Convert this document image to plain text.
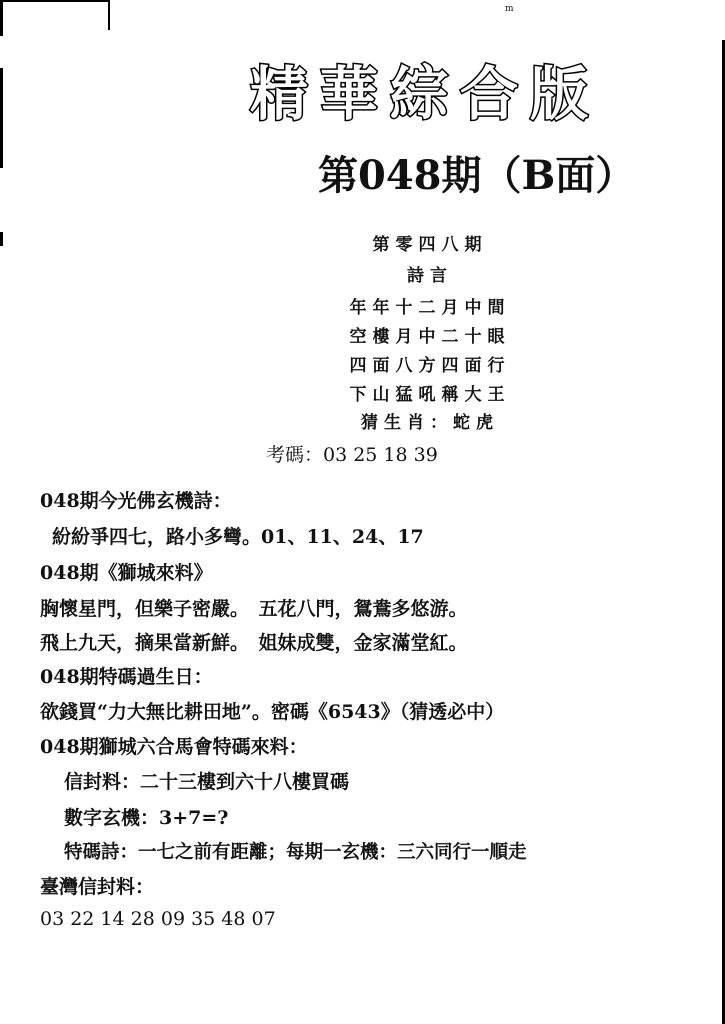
m
精華綜合版
第048期（B面）
第零四八期
詩言
年年十二月中間
空樓月中二十眼
四面八方四面行
下山猛吼稱大王
猜生肖：蛇虎
考碼：03 25 18 39
048期今光佛玄機詩：
紛紛爭四七，路小多彎。01、11、24、17
048期《獅城來料》
胸懷星門，但樂子密嚴。　五花八門，鴛鴦多悠游。
飛上九天，摘果當新鮮。　姐妹成雙，金家滿堂紅。
048期特碼過生日：
欲錢買“力大無比耕田地”。密碼《6543》（猜透必中）
048期獅城六合馬會特碼來料：
信封料：二十三樓到六十八樓買碼
數字玄機：3+7=?
特碼詩：一七之前有距離；每期一玄機：三六同行一順走
臺灣信封料：
03 22 14 28 09 35 48 07
